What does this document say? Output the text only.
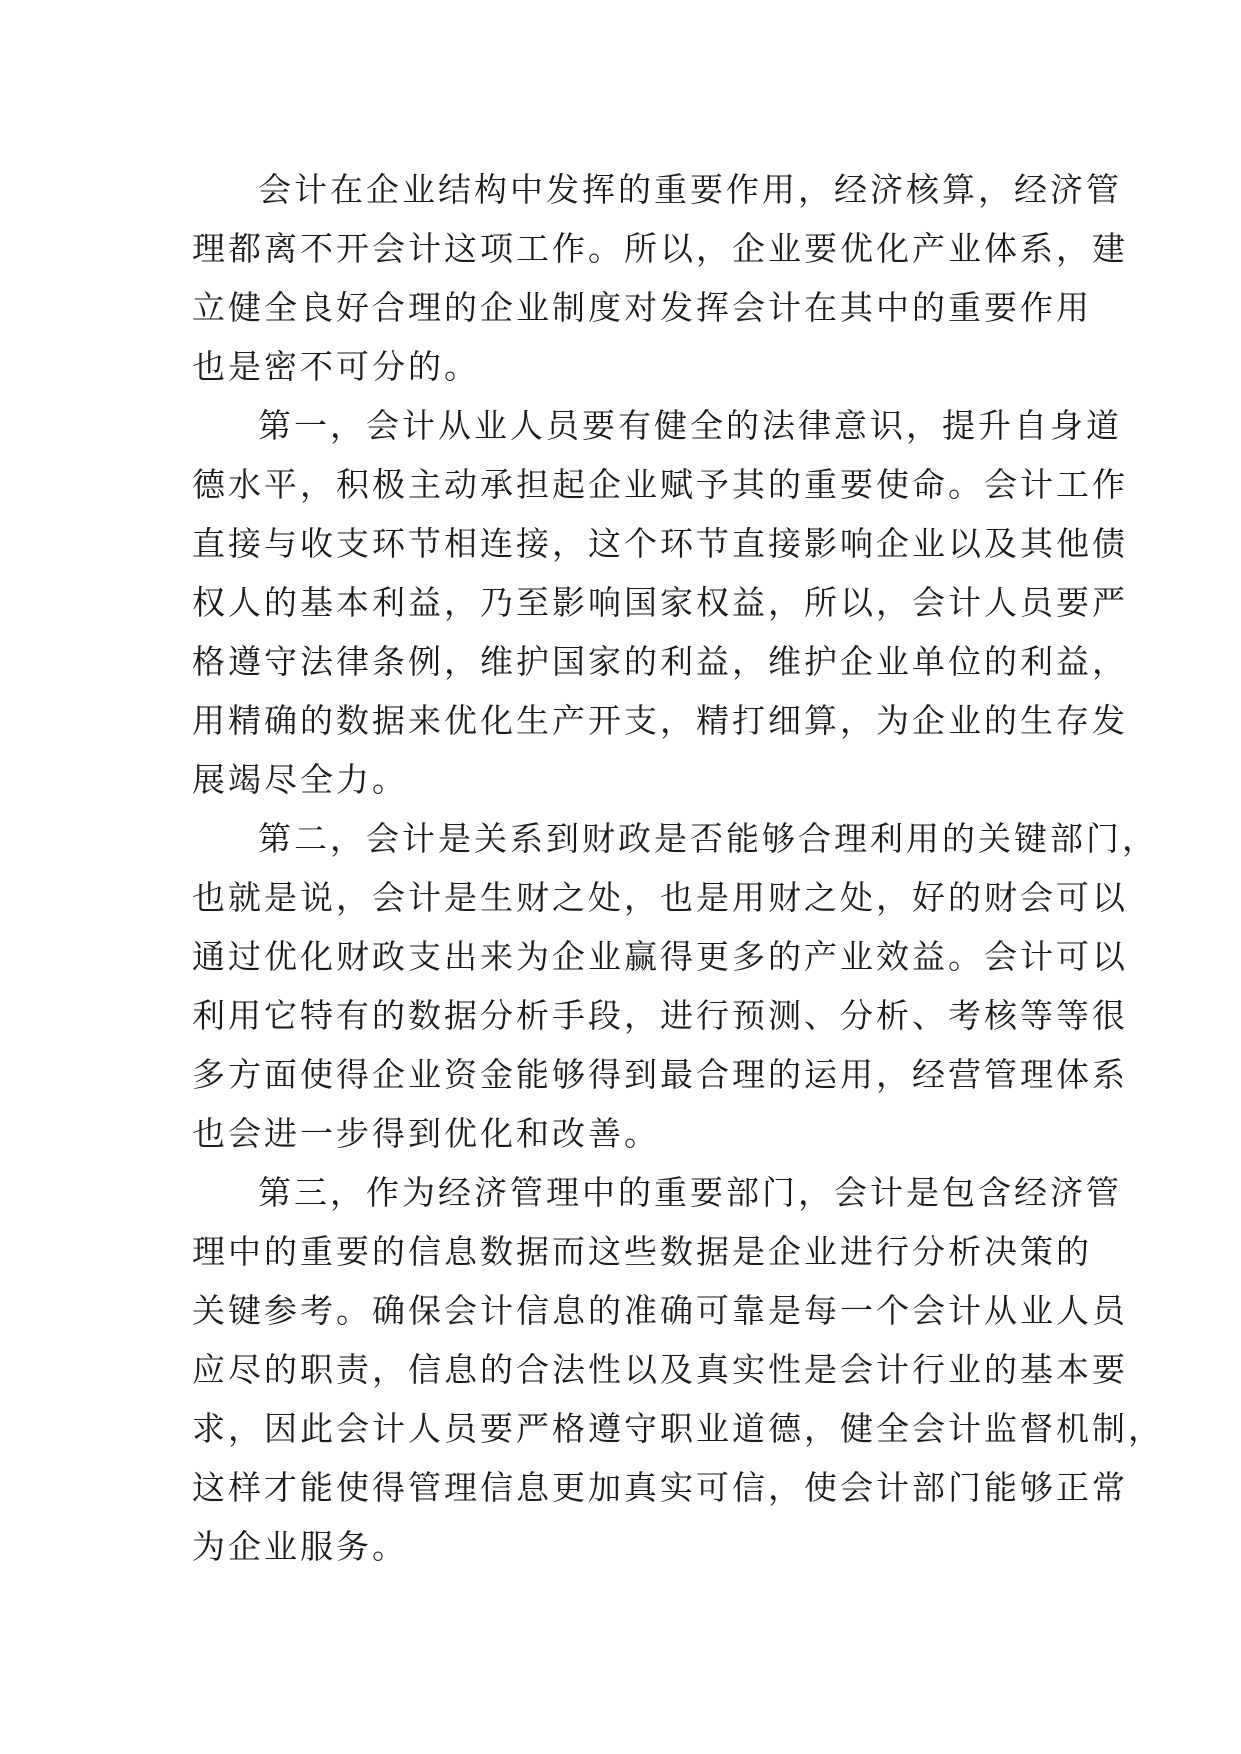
会计在企业结构中发挥的重要作用，经济核算，经济管
理都离不开会计这项工作。所以，企业要优化产业体系，建
立健全良好合理的企业制度对发挥会计在其中的重要作用
也是密不可分的。
第一，会计从业人员要有健全的法律意识，提升自身道
德水平，积极主动承担起企业赋予其的重要使命。会计工作
直接与收支环节相连接，这个环节直接影响企业以及其他债
权人的基本利益，乃至影响国家权益，所以，会计人员要严
格遵守法律条例，维护国家的利益，维护企业单位的利益，
用精确的数据来优化生产开支，精打细算，为企业的生存发
展竭尽全力。
第二，会计是关系到财政是否能够合理利用的关键部门，
也就是说，会计是生财之处，也是用财之处，好的财会可以
通过优化财政支出来为企业赢得更多的产业效益。会计可以
利用它特有的数据分析手段，进行预测、分析、考核等等很
多方面使得企业资金能够得到最合理的运用，经营管理体系
也会进一步得到优化和改善。
第三，作为经济管理中的重要部门，会计是包含经济管
理中的重要的信息数据而这些数据是企业进行分析决策的
关键参考。确保会计信息的准确可靠是每一个会计从业人员
应尽的职责，信息的合法性以及真实性是会计行业的基本要
求，因此会计人员要严格遵守职业道德，健全会计监督机制，
这样才能使得管理信息更加真实可信，使会计部门能够正常
为企业服务。
